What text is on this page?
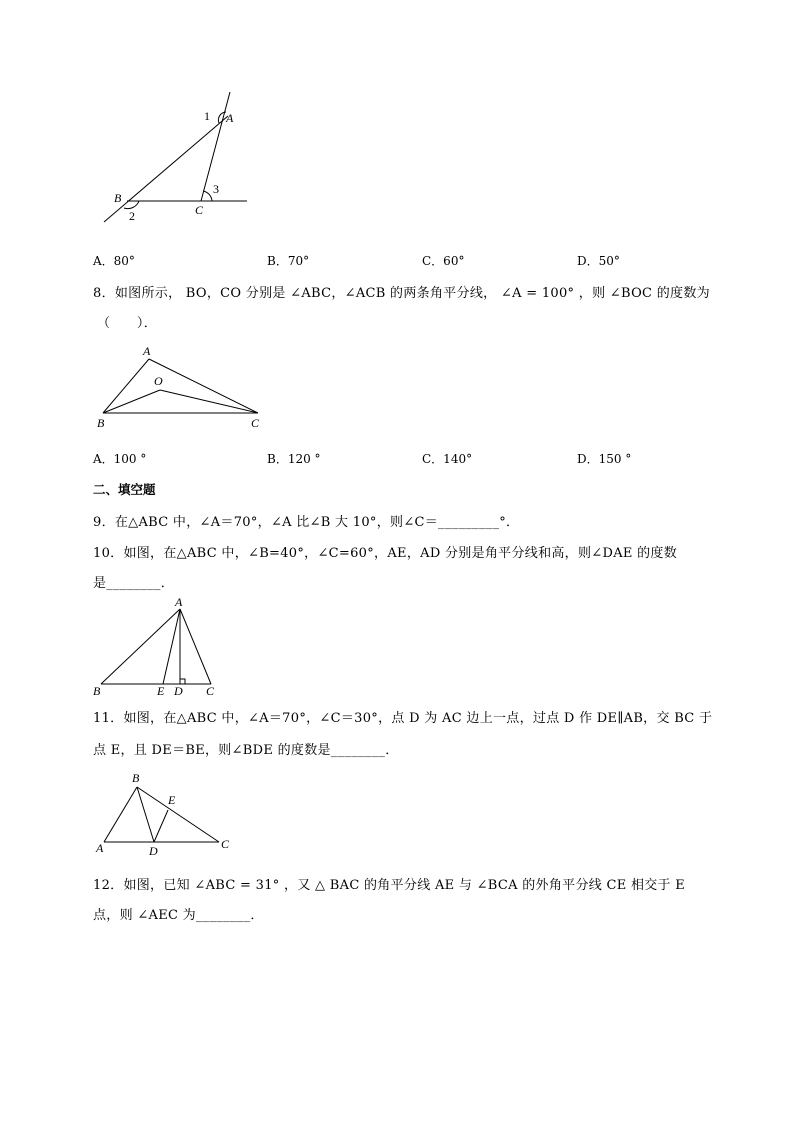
A
B
C
1
2
3
A．80°	B．70°	C．60°	D．50°
8．如图所示， BO，CO 分别是 ∠ABC，∠ACB 的两条角平分线， ∠A = 100° ，则 ∠BOC 的度数为
（　　）．
A
O
B	C
A．100 °	B．120 °	C．140°	D．150 °
二、填空题
9．在△ABC 中，∠A＝70°，∠A 比∠B 大 10°，则∠C＝_________°．
10．如图，在△ABC 中，∠B=40°，∠C=60°，AE，AD 分别是角平分线和高，则∠DAE 的度数
是________．
A
B	E D C
11．如图，在△ABC 中，∠A＝70°，∠C＝30°，点 D 为 AC 边上一点，过点 D 作 DE∥AB，交 BC 于
点 E，且 DE＝BE，则∠BDE 的度数是________．
B
E
A	D	C
12．如图，已知 ∠ABC = 31° ，又 △ BAC 的角平分线 AE 与 ∠BCA 的外角平分线 CE 相交于 E
点，则 ∠AEC 为________．
